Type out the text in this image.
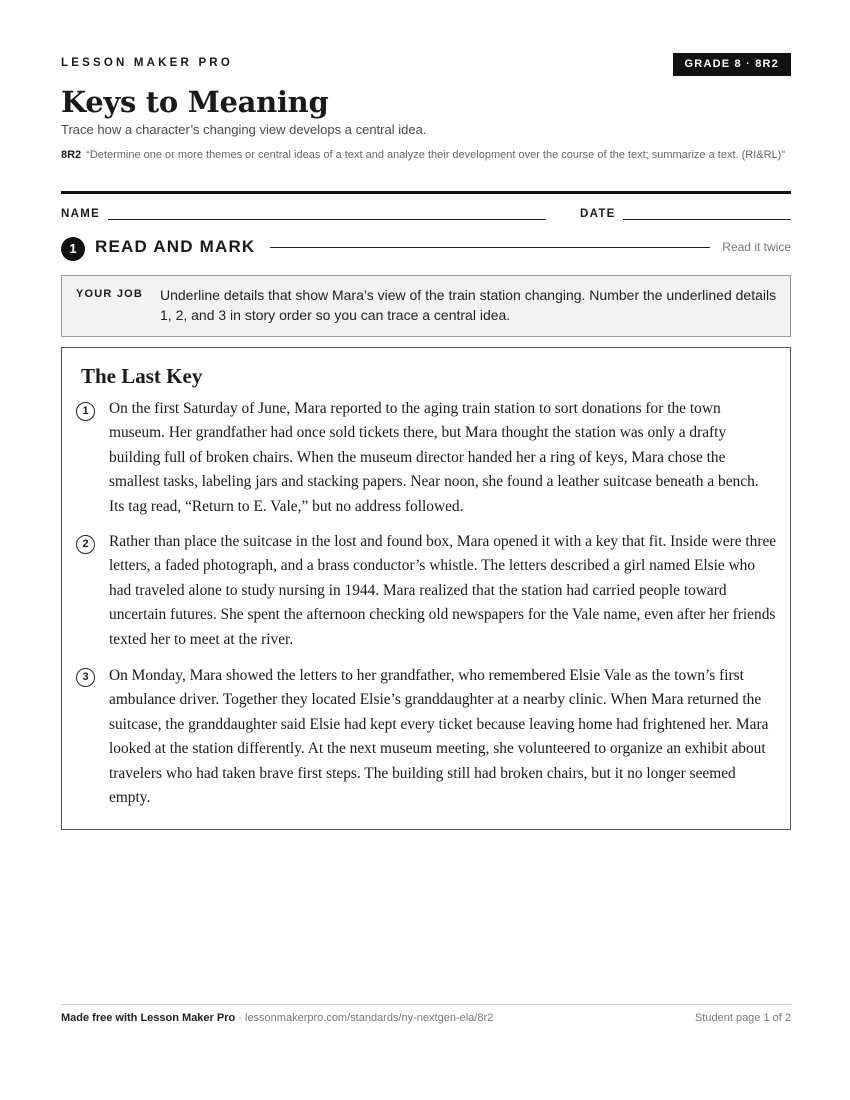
LESSON MAKER PRO	GRADE 8 · 8R2
Keys to Meaning
Trace how a character’s changing view develops a central idea.
8R2 “Determine one or more themes or central ideas of a text and analyze their development over the course of the text; summarize a text. (RI&RL)”
NAME	DATE
1	READ AND MARK	Read it twice
YOUR JOB Underline details that show Mara’s view of the train station changing. Number the underlined details 1, 2, and 3 in story order so you can trace a central idea.
The Last Key
1	On the first Saturday of June, Mara reported to the aging train station to sort donations for the town museum. Her grandfather had once sold tickets there, but Mara thought the station was only a drafty building full of broken chairs. When the museum director handed her a ring of keys, Mara chose the smallest tasks, labeling jars and stacking papers. Near noon, she found a leather suitcase beneath a bench. Its tag read, “Return to E. Vale,” but no address followed.

2	Rather than place the suitcase in the lost and found box, Mara opened it with a key that fit. Inside were three letters, a faded photograph, and a brass conductor’s whistle. The letters described a girl named Elsie who had traveled alone to study nursing in 1944. Mara realized that the station had carried people toward uncertain futures. She spent the afternoon checking old newspapers for the Vale name, even after her friends texted her to meet at the river.

3	On Monday, Mara showed the letters to her grandfather, who remembered Elsie Vale as the town’s first ambulance driver. Together they located Elsie’s granddaughter at a nearby clinic. When Mara returned the suitcase, the granddaughter said Elsie had kept every ticket because leaving home had frightened her. Mara looked at the station differently. At the next museum meeting, she volunteered to organize an exhibit about travelers who had taken brave first steps. The building still had broken chairs, but it no longer seemed empty.

Made free with Lesson Maker Pro · lessonmakerpro.com/standards/ny-nextgen-ela/8r2	Student page 1 of 2
